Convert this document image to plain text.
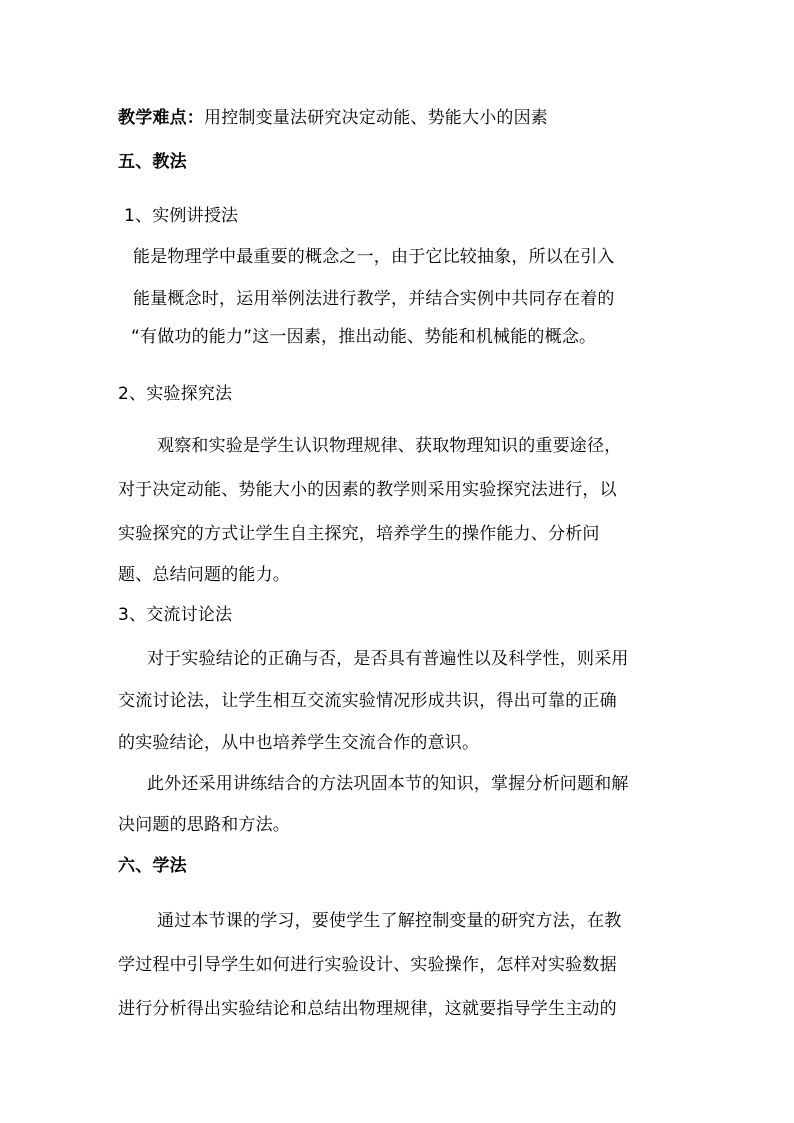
教学难点：用控制变量法研究决定动能、势能大小的因素
五、教法
1、实例讲授法
能是物理学中最重要的概念之一，由于它比较抽象，所以在引入
能量概念时，运用举例法进行教学，并结合实例中共同存在着的
“有做功的能力”这一因素，推出动能、势能和机械能的概念。
2、实验探究法
观察和实验是学生认识物理规律、获取物理知识的重要途径，
对于决定动能、势能大小的因素的教学则采用实验探究法进行，以
实验探究的方式让学生自主探究，培养学生的操作能力、分析问
题、总结问题的能力。
3、交流讨论法
对于实验结论的正确与否，是否具有普遍性以及科学性，则采用
交流讨论法，让学生相互交流实验情况形成共识，得出可靠的正确
的实验结论，从中也培养学生交流合作的意识。
此外还采用讲练结合的方法巩固本节的知识，掌握分析问题和解
决问题的思路和方法。
六、学法
通过本节课的学习，要使学生了解控制变量的研究方法，在教
学过程中引导学生如何进行实验设计、实验操作，怎样对实验数据
进行分析得出实验结论和总结出物理规律，这就要指导学生主动的
